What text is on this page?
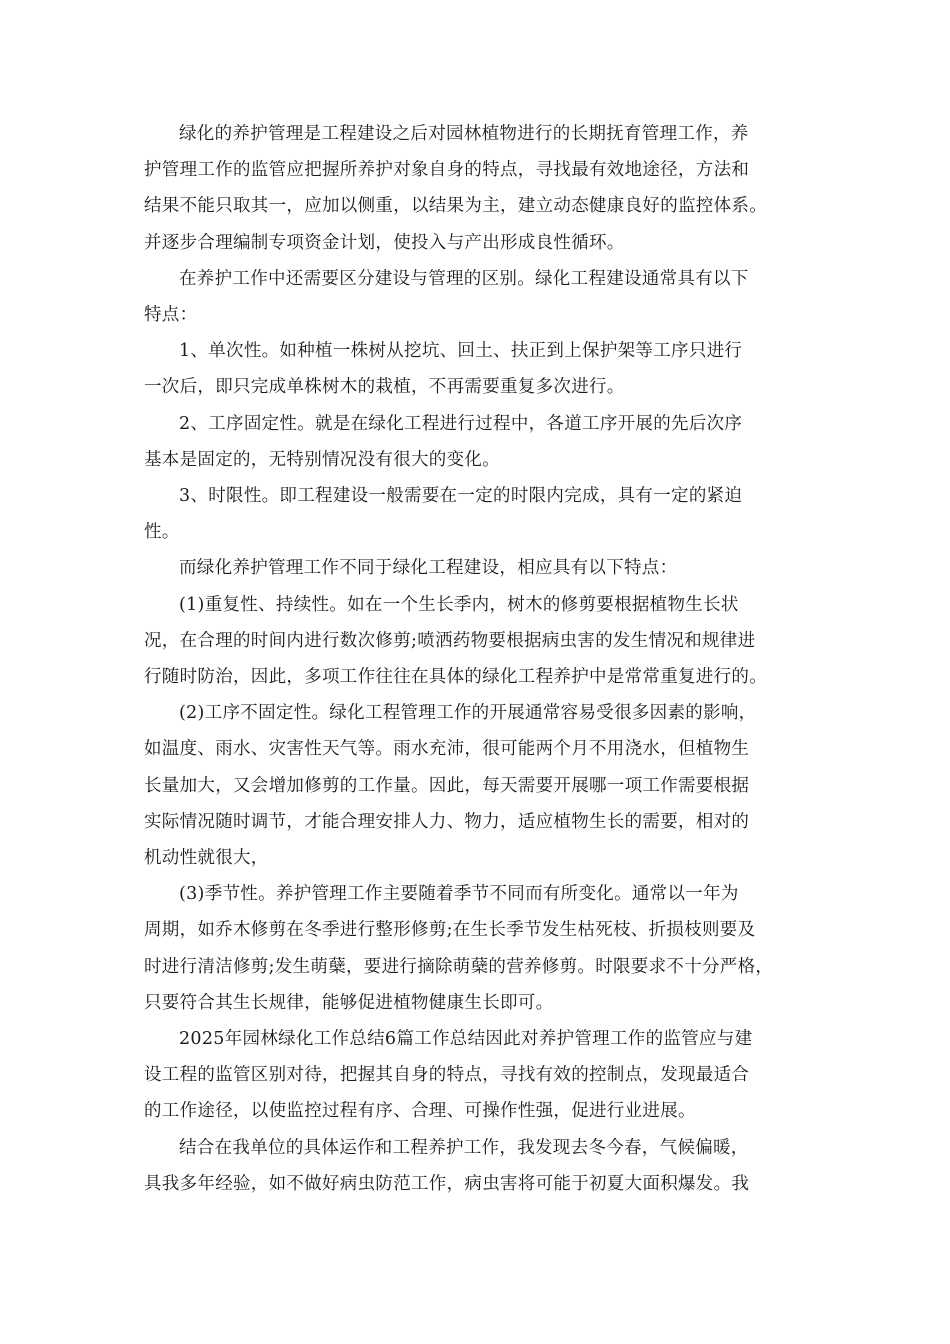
绿化的养护管理是工程建设之后对园林植物进行的长期抚育管理工作，养
护管理工作的监管应把握所养护对象自身的特点，寻找最有效地途径，方法和
结果不能只取其一，应加以侧重，以结果为主，建立动态健康良好的监控体系。
并逐步合理编制专项资金计划，使投入与产出形成良性循环。

在养护工作中还需要区分建设与管理的区别。绿化工程建设通常具有以下
特点：

1、单次性。如种植一株树从挖坑、回土、扶正到上保护架等工序只进行
一次后，即只完成单株树木的栽植，不再需要重复多次进行。

2、工序固定性。就是在绿化工程进行过程中，各道工序开展的先后次序
基本是固定的，无特别情况没有很大的变化。

3、时限性。即工程建设一般需要在一定的时限内完成，具有一定的紧迫
性。

而绿化养护管理工作不同于绿化工程建设，相应具有以下特点：

(1)重复性、持续性。如在一个生长季内，树木的修剪要根据植物生长状
况，在合理的时间内进行数次修剪;喷洒药物要根据病虫害的发生情况和规律进
行随时防治，因此，多项工作往往在具体的绿化工程养护中是常常重复进行的。

(2)工序不固定性。绿化工程管理工作的开展通常容易受很多因素的影响，
如温度、雨水、灾害性天气等。雨水充沛，很可能两个月不用浇水，但植物生
长量加大，又会增加修剪的工作量。因此，每天需要开展哪一项工作需要根据
实际情况随时调节，才能合理安排人力、物力，适应植物生长的需要，相对的
机动性就很大，

(3)季节性。养护管理工作主要随着季节不同而有所变化。通常以一年为
周期，如乔木修剪在冬季进行整形修剪;在生长季节发生枯死枝、折损枝则要及
时进行清洁修剪;发生萌蘖，要进行摘除萌蘖的营养修剪。时限要求不十分严格，
只要符合其生长规律，能够促进植物健康生长即可。

2025年园林绿化工作总结6篇工作总结因此对养护管理工作的监管应与建
设工程的监管区别对待，把握其自身的特点，寻找有效的控制点，发现最适合
的工作途径，以使监控过程有序、合理、可操作性强，促进行业进展。

结合在我单位的具体运作和工程养护工作，我发现去冬今春，气候偏暖，
具我多年经验，如不做好病虫防范工作，病虫害将可能于初夏大面积爆发。我
